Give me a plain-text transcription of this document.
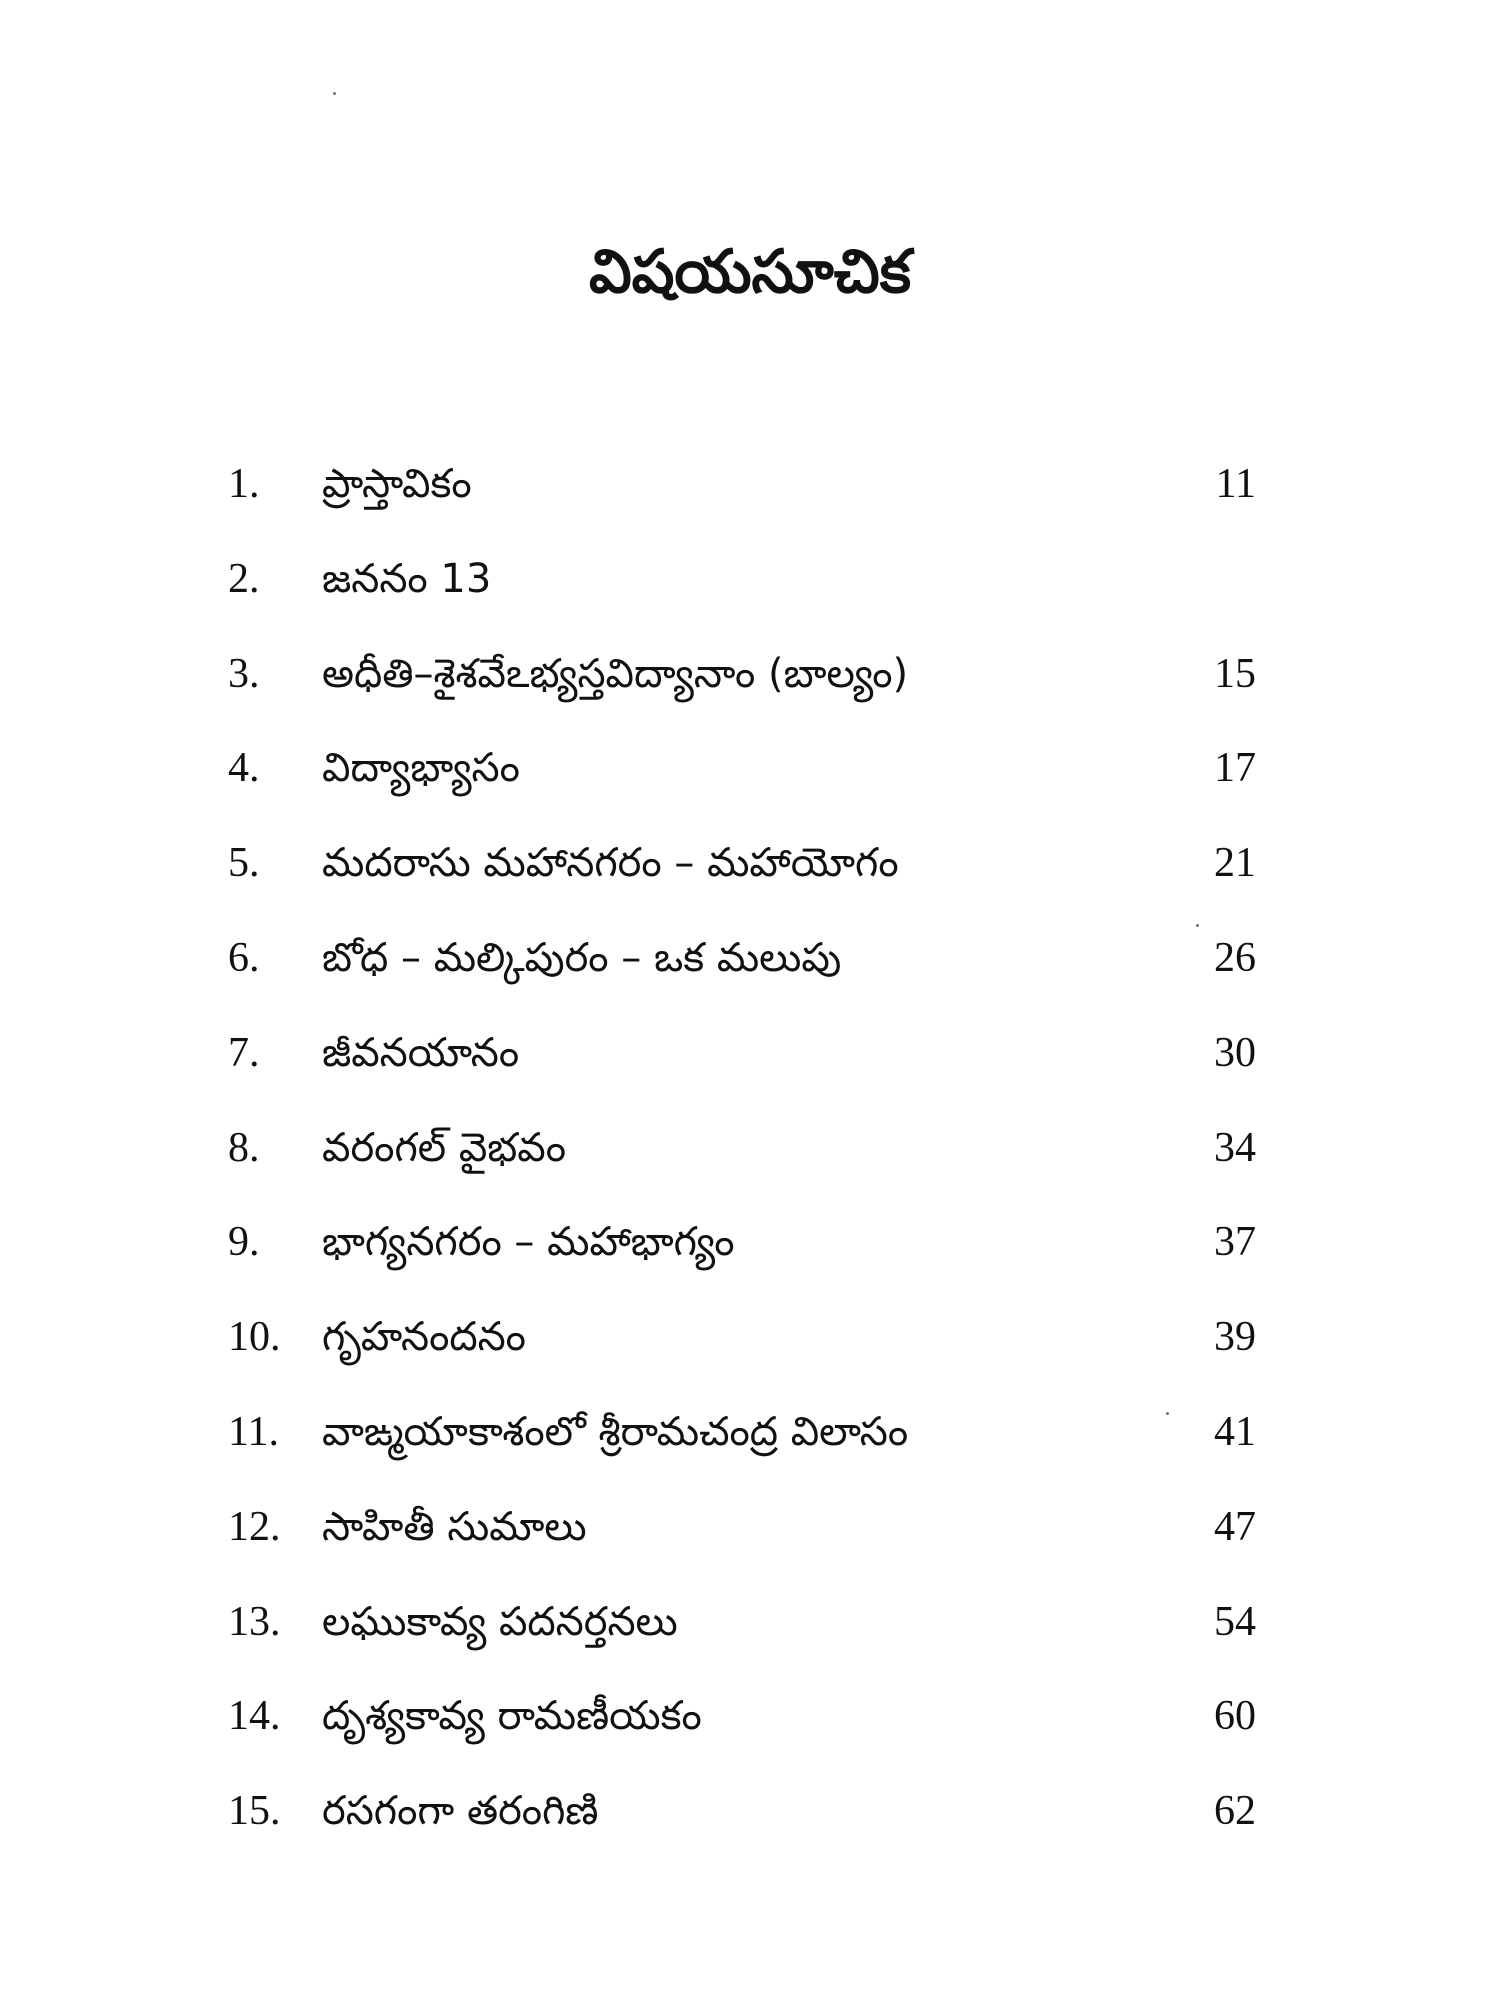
విషయసూచిక
1.	ప్రాస్తావికం	11
2.	జననం 13
3.	అధీతి–శైశవేఽభ్యస్తవిద్యానాం (బాల్యం)	15
4.	విద్యాభ్యాసం	17
5.	మదరాసు మహానగరం – మహాయోగం	21
6.	బోధ – మల్కిపురం – ఒక మలుపు	26
7.	జీవనయానం	30
8.	వరంగల్ వైభవం	34
9.	భాగ్యనగరం – మహాభాగ్యం	37
10.	గృహనందనం	39
11.	వాఙ్మయాకాశంలో శ్రీరామచంద్ర విలాసం	41
12.	సాహితీ సుమాలు	47
13.	లఘుకావ్య పదనర్తనలు	54
14.	దృశ్యకావ్య రామణీయకం	60
15.	రసగంగా తరంగిణి	62
